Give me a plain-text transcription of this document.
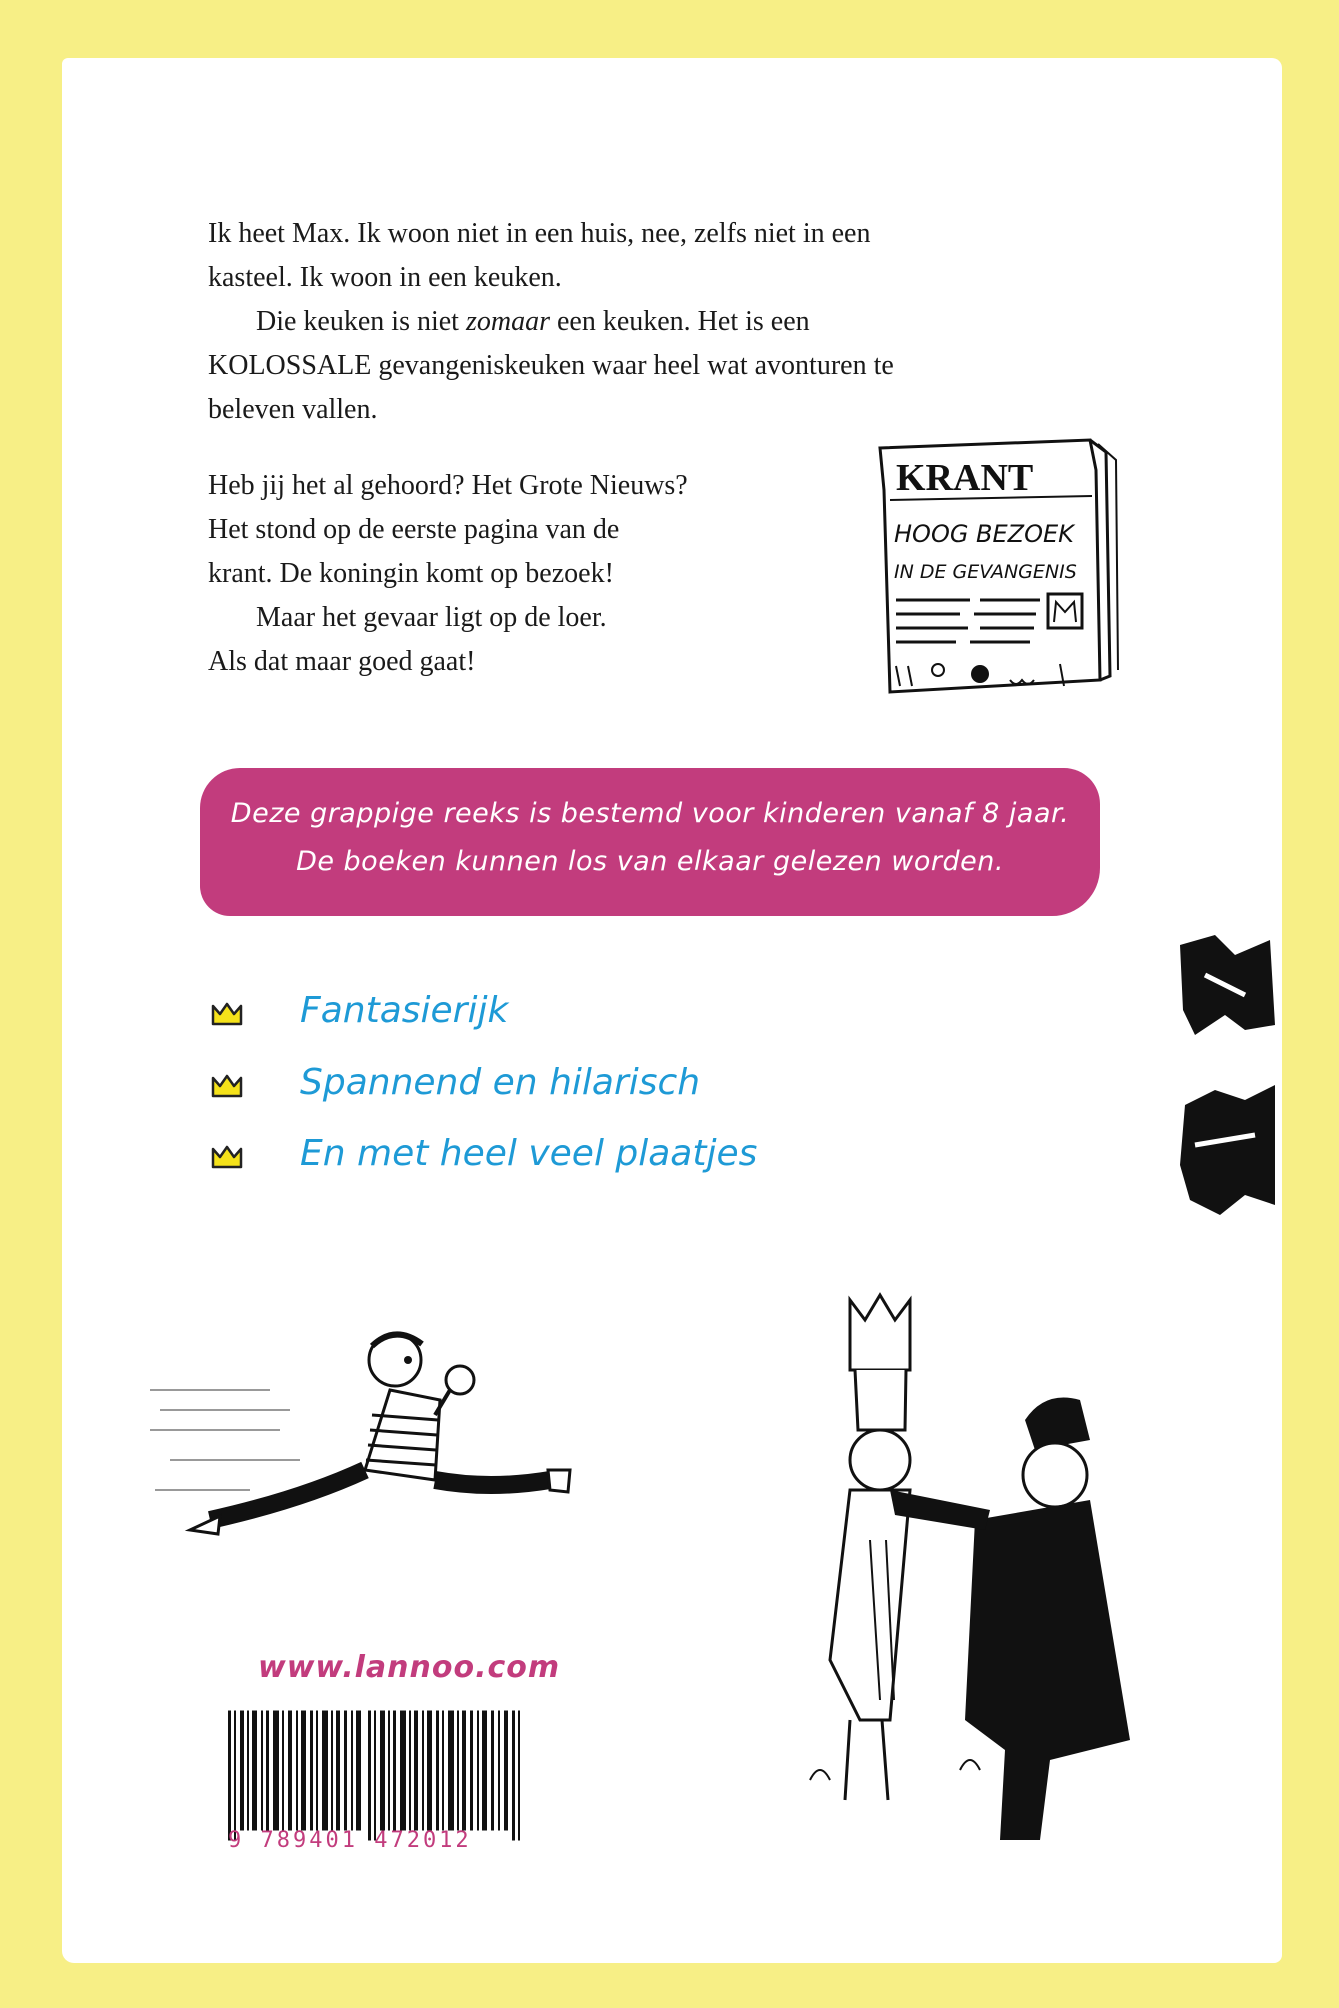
Ik heet Max. Ik woon niet in een huis, nee, zelfs niet in een

kasteel. Ik woon in een keuken.

Die keuken is niet zomaar een keuken. Het is een

KOLOSSALE gevangeniskeuken waar heel wat avonturen te

beleven vallen.

Heb jij het al gehoord? Het Grote Nieuws?

Het stond op de eerste pagina van de

krant. De koningin komt op bezoek!

Maar het gevaar ligt op de loer.

Als dat maar goed gaat!

KRANT
HOOG BEZOEK
IN DE GEVANGENIS
Deze grappige reeks is bestemd voor kinderen vanaf 8 jaar.
De boeken kunnen los van elkaar gelezen worden.
Fantasierijk
Spannend en hilarisch
En met heel veel plaatjes
www.lannoo.com
9 789401 472012
